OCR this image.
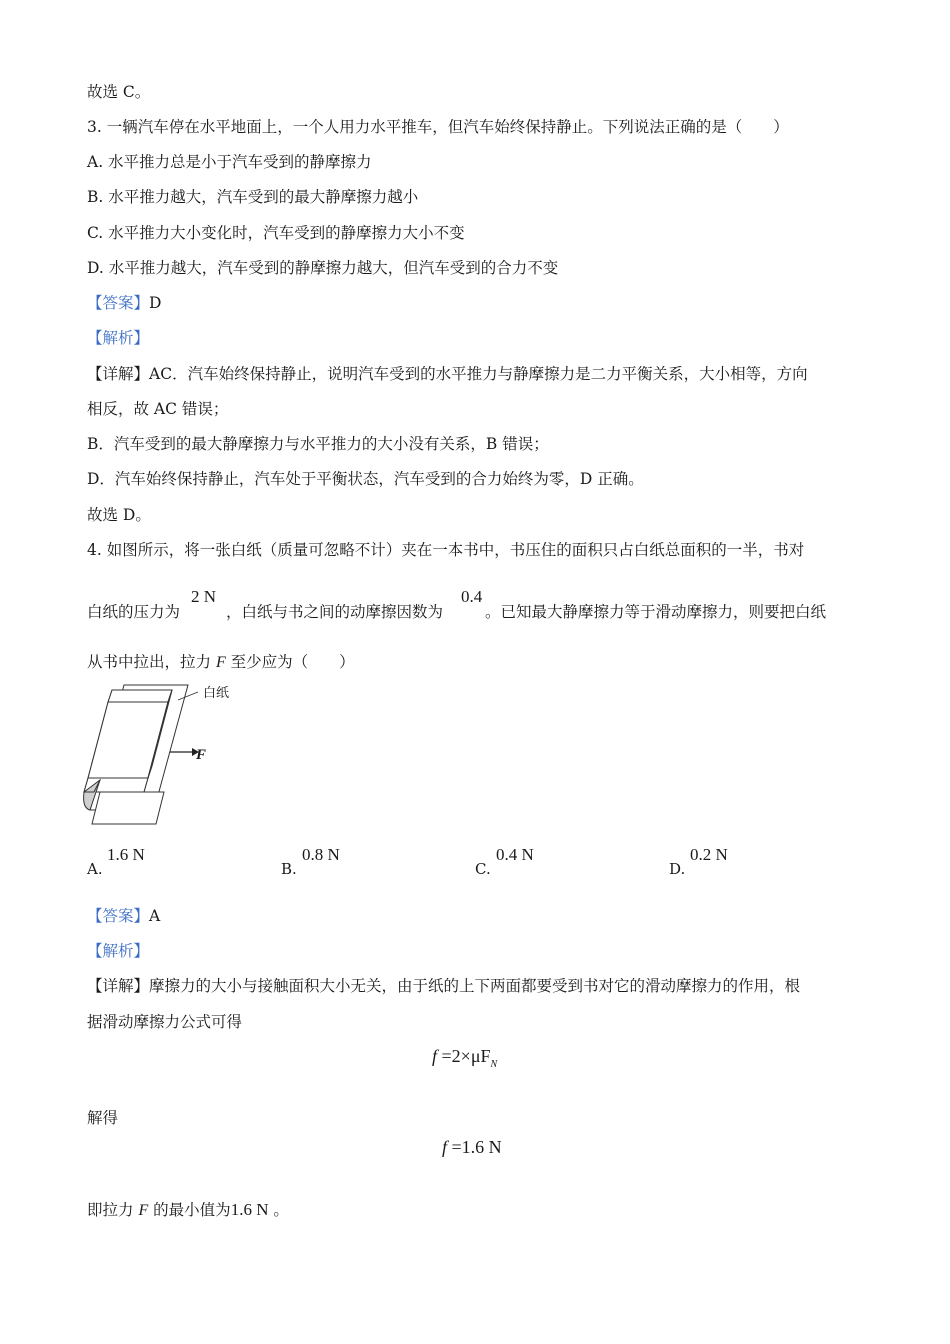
故选 C。
3. 一辆汽车停在水平地面上，一个人用力水平推车，但汽车始终保持静止。下列说法正确的是（　　）
A. 水平推力总是小于汽车受到的静摩擦力
B. 水平推力越大，汽车受到的最大静摩擦力越小
C. 水平推力大小变化时，汽车受到的静摩擦力大小不变
D. 水平推力越大，汽车受到的静摩擦力越大，但汽车受到的合力不变
【答案】D
【解析】
【详解】AC．汽车始终保持静止，说明汽车受到的水平推力与静摩擦力是二力平衡关系，大小相等，方向
相反，故 AC 错误；
B．汽车受到的最大静摩擦力与水平推力的大小没有关系，B 错误；
D．汽车始终保持静止，汽车处于平衡状态，汽车受到的合力始终为零，D 正确。
故选 D。
4. 如图所示，将一张白纸（质量可忽略不计）夹在一本书中，书压住的面积只占白纸总面积的一半，书对
白纸的压力为	，白纸与书之间的动摩擦因数为	。已知最大静摩擦力等于滑动摩擦力，则要把白纸
2 N	0.4
从书中拉出，拉力 F 至少应为（　　）
白纸
F
A.
1.6 N
B.
0.8 N
C.
0.4 N
D.
0.2 N
【答案】A
【解析】
【详解】摩擦力的大小与接触面积大小无关，由于纸的上下两面都要受到书对它的滑动摩擦力的作用，根
据滑动摩擦力公式可得
$f =2\times\mu F_N$
解得
f =1.6 N
即拉力 F 的最小值为1.6 N 。
